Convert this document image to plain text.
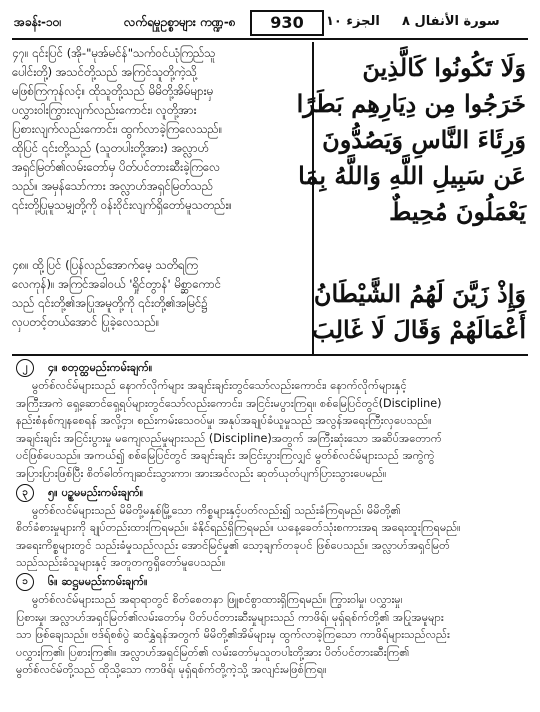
အခန်း-၁ဝ၊	လက်ရမှုဥစ္စာများ ကဏ္ဍ-၈	930	الجزء ١٠ سورة الأنفال ٨
၄၇။ ၎င်းပြင် (အို-"မုအ်မင်န်"သက်ဝင်ယုံကြည်သူ
ပေါင်းတို့) အသင်တို့သည် အကြင်သူတို့ကဲ့သို့
မဖြစ်ကြကုန်လင့်။ ထိုသူတို့သည် မိမိတို့အိမ်များမှ
ပလွှားဝါးကြွားလျက်လည်းကောင်း၊ လူတို့အား
ပြစားလျက်လည်းကောင်း၊ ထွက်လာခဲ့ကြလေသည်။
ထိုပြင် ၎င်းတို့သည် (သူတပါးတို့အား) အလ္လာဟ်
အရှင်မြတ်၏လမ်းတော်မှ ပိတ်ပင်တားဆီးခဲ့ကြလေ
သည်။ အမှန်သော်ကား အလ္လာဟ်အရှင်မြတ်သည်
၎င်းတို့ပြုမူသမျှတို့ကို ဝန်းဝိုင်းလျက်ရှိတော်မူသတည်း။
၄၈။ ထို့ပြင် (ပြန်လည်အောက်မေ့ သတိရကြ
လေကုန်)။ အကြင်အခါဝယ် 'ရှိုင်တွာန်' မိစ္ဆာကောင်
သည် ၎င်းတို့၏အပြုအမူတို့ကို ၎င်းတို့၏အမြင်၌
လှပတင့်တယ်အောင် ပြုခဲ့လေသည်။
وَلَا تَكُونُوا كَالَّذِينَ
خَرَجُوا مِن دِيَارِهِم بَطَرًا
وَرِئَاءَ النَّاسِ وَيَصُدُّونَ
عَن سَبِيلِ اللَّهِ وَاللَّهُ بِمَا
يَعْمَلُونَ مُحِيطٌ
وَإِذْ زَيَّنَ لَهُمُ الشَّيْطَانُ
أَعْمَالَهُمْ وَقَالَ لَا غَالِبَ
၂	၄။ စတုတ္ထမည်းကမ်းချက်။
မွတ်စ်လင်မ်များသည် နောက်လိုက်များ အချင်းချင်းတွင်သော်လည်းကောင်း၊ နောက်လိုက်များနှင့်
အကြီးအကဲ ရှေ့ဆောင်ရှေ့ရပ်များတွင်သော်လည်းကောင်း၊ အငြင်းမပွားကြရ။ စစ်မြေပြင်တွင်(Discipline)
နည်းစံနစ်ကျနစေရန် အလို့ငှာ၊ စည်းကမ်းသေဝပ်မှု၊ အနုပ်အချုပ်ခံယူမှုသည် အလွန်အရေးကြီးလှပေသည်။
အချင်းချင်း အငြင်းပွားမှု မကျေလည်မှုများသည် (Discipline)အတွက် အကြီးဆုံးသော အဆိပ်အတောက်
ပင်ဖြစ်ပေသည်။ အကယ်၍ စစ်မြေပြင်တွင် အချင်းချင်း အငြင်းပွားကြလျှင် မွတ်စ်လင်မ်များသည် အကွဲကွဲ
အပြားပြားဖြစ်ပြီး စိတ်ဓါတ်ကျဆင်းသွားကာ၊ အားအင်လည်း ဆုတ်ယုတ်ပျက်ပြားသွားပေမည်။
၃	၅။ ပဉ္စမမည်းကမ်းချက်။
မွတ်စ်လင်မ်များသည် မိမိတို့မနှစ်မြို့သော ကိစ္စများနှင့်ပတ်လည်း၍ သည်းခံကြရမည်၊ မိမိတို့၏
စိတ်ခံစားမှုများကို ချုပ်တည်းထားကြရမည်။ ခံနိုင်ရည်ရှိကြရမည်။ ယနေ့ခေတ်သုံးစကားအရ အရေးထူးကြရမည်။
အရေးကိစ္စများတွင် သည်းခံမှုသည်လည်း အောင်မြင်မှု၏ သော့ချက်တခုပင် ဖြစ်ပေသည်။ အလ္လာဟ်အရှင်မြတ်
သည်သည်းခံသူများနှင့် အတူတကွရှိတော်မူပေသည်။
၁	၆။ ဆဋ္ဌမမည်းကမ်းချက်။
မွတ်စ်လင်မ်များသည် အရာရာတွင် စိတ်စေတနာ ဖြူစင်စွာထားရှိကြရမည်။ ကြွားဝါမှု၊ ပလွှားမှု၊
ပြစားမှု၊ အလ္လာဟ်အရှင်မြတ်၏လမ်းတော်မှ ပိတ်ပင်တားဆီးမှုများသည် ကာဖိရ်၊ မုရှ်ရစ်က်တို့၏ အပြုအမူများ
သာ ဖြစ်ချေသည်။ ဗဒ်ရ်စစ်ပွဲ ဆင်နွှဲရန်အတွက် မိမိတို့၏အိမ်များမှ ထွက်လာခဲ့ကြသော ကာဖိရ်များသည်လည်း
ပလွှားကြ၏၊ ပြစားကြ၏။ အလ္လာဟ်အရှင်မြတ်၏ လမ်းတော်မှသူတပါးတို့အား ပိတ်ပင်တားဆီးကြ၏
မွတ်စ်လင်မ်တို့သည် ထိုသို့သော ကာဖိရ်၊ မုရှ်ရစ်က်တို့ကဲ့သို့ အလျင်းမဖြစ်ကြရ။
